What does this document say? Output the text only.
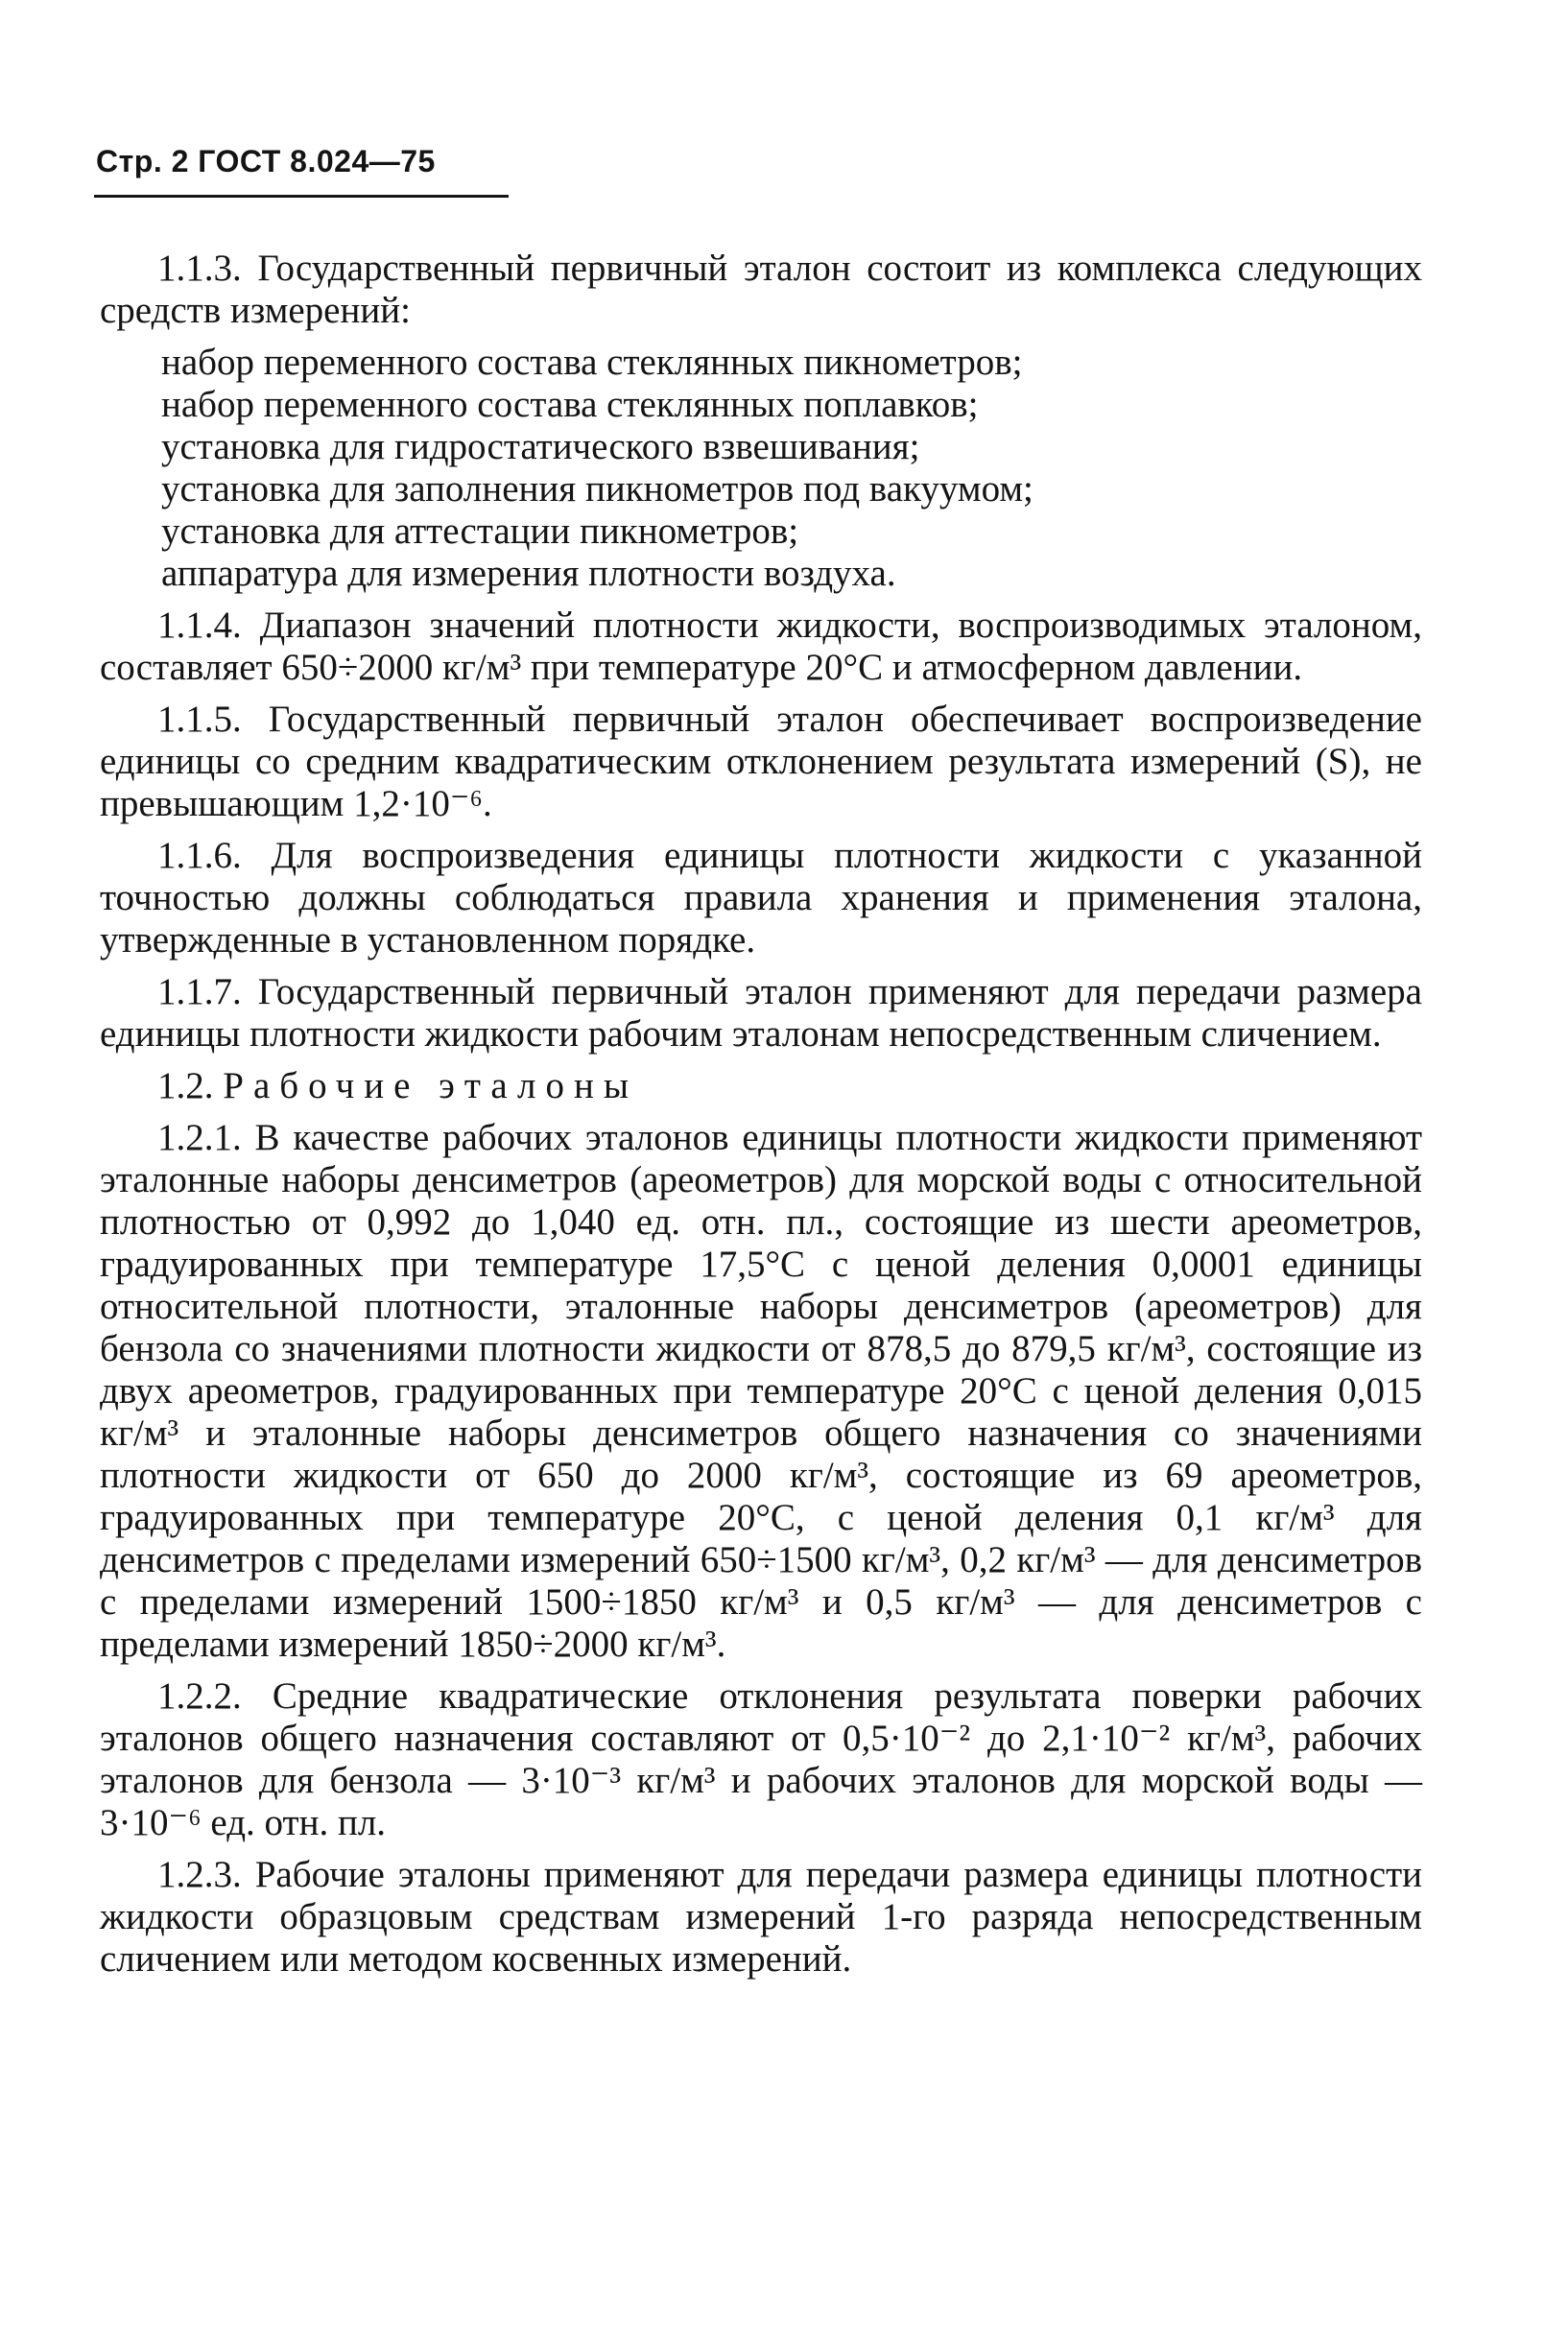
Стр. 2 ГОСТ 8.024—75

1.1.3. Государственный первичный эталон состоит из комплекса следующих средств измерений:

набор переменного состава стеклянных пикнометров;
набор переменного состава стеклянных поплавков;
установка для гидростатического взвешивания;
установка для заполнения пикнометров под вакуумом;
установка для аттестации пикнометров;
аппаратура для измерения плотности воздуха.

1.1.4. Диапазон значений плотности жидкости, воспроизводимых эталоном, составляет 650÷2000 кг/м³ при температуре 20°С и атмосферном давлении.

1.1.5. Государственный первичный эталон обеспечивает воспроизведение единицы со средним квадратическим отклонением результата измерений (S), не превышающим 1,2·10⁻⁶.

1.1.6. Для воспроизведения единицы плотности жидкости с указанной точностью должны соблюдаться правила хранения и применения эталона, утвержденные в установленном порядке.

1.1.7. Государственный первичный эталон применяют для передачи размера единицы плотности жидкости рабочим эталонам непосредственным сличением.

1.2. Рабочие эталоны

1.2.1. В качестве рабочих эталонов единицы плотности жидкости применяют эталонные наборы денсиметров (ареометров) для морской воды с относительной плотностью от 0,992 до 1,040 ед. отн. пл., состоящие из шести ареометров, градуированных при температуре 17,5°С с ценой деления 0,0001 единицы относительной плотности, эталонные наборы денсиметров (ареометров) для бензола со значениями плотности жидкости от 878,5 до 879,5 кг/м³, состоящие из двух ареометров, градуированных при температуре 20°С с ценой деления 0,015 кг/м³ и эталонные наборы денсиметров общего назначения со значениями плотности жидкости от 650 до 2000 кг/м³, состоящие из 69 ареометров, градуированных при температуре 20°С, с ценой деления 0,1 кг/м³ для денсиметров с пределами измерений 650÷1500 кг/м³, 0,2 кг/м³ — для денсиметров с пределами измерений 1500÷1850 кг/м³ и 0,5 кг/м³ — для денсиметров с пределами измерений 1850÷2000 кг/м³.

1.2.2. Средние квадратические отклонения результата поверки рабочих эталонов общего назначения составляют от 0,5·10⁻² до 2,1·10⁻² кг/м³, рабочих эталонов для бензола — 3·10⁻³ кг/м³ и рабочих эталонов для морской воды — 3·10⁻⁶ ед. отн. пл.

1.2.3. Рабочие эталоны применяют для передачи размера единицы плотности жидкости образцовым средствам измерений 1-го разряда непосредственным сличением или методом косвенных измерений.
